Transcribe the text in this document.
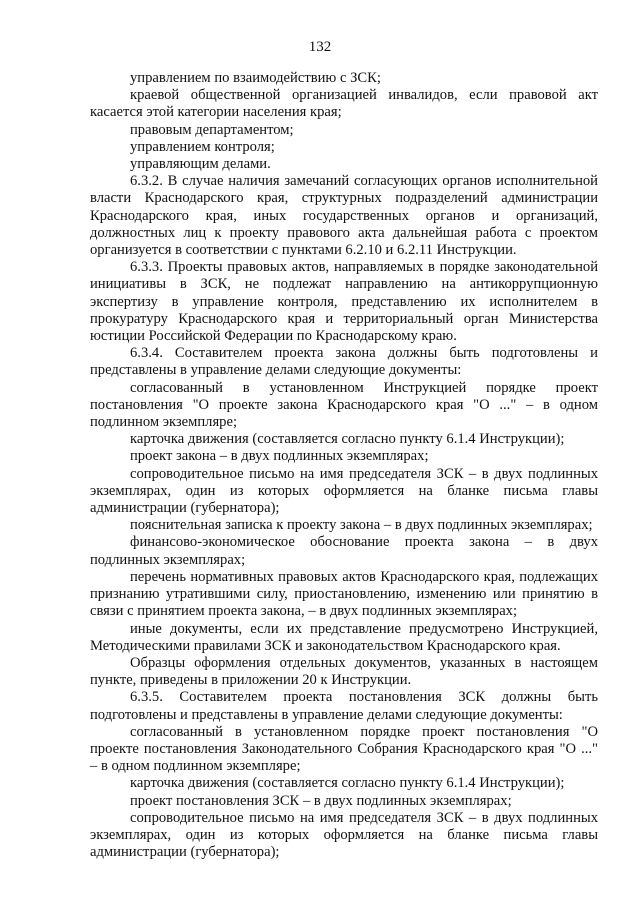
132

управлением по взаимодействию с ЗСК;

краевой общественной организацией инвалидов, если правовой акт касается этой категории населения края;

правовым департаментом;

управлением контроля;

управляющим делами.

6.3.2. В случае наличия замечаний согласующих органов исполнительной власти Краснодарского края, структурных подразделений администрации Краснодарского края, иных государственных органов и организаций, должностных лиц к проекту правового акта дальнейшая работа с проектом организуется в соответствии с пунктами 6.2.10 и 6.2.11 Инструкции.

6.3.3. Проекты правовых актов, направляемых в порядке законодательной инициативы в ЗСК, не подлежат направлению на антикоррупционную экспертизу в управление контроля, представлению их исполнителем в прокуратуру Краснодарского края и территориальный орган Министерства юстиции Российской Федерации по Краснодарскому краю.

6.3.4. Составителем проекта закона должны быть подготовлены и представлены в управление делами следующие документы:

согласованный в установленном Инструкцией порядке проект постановления "О проекте закона Краснодарского края "О ..." – в одном подлинном экземпляре;

карточка движения (составляется согласно пункту 6.1.4 Инструкции);

проект закона – в двух подлинных экземплярах;

сопроводительное письмо на имя председателя ЗСК – в двух подлинных экземплярах, один из которых оформляется на бланке письма главы администрации (губернатора);

пояснительная записка к проекту закона – в двух подлинных экземплярах;

финансово-экономическое обоснование проекта закона – в двух подлинных экземплярах;

перечень нормативных правовых актов Краснодарского края, подлежащих признанию утратившими силу, приостановлению, изменению или принятию в связи с принятием проекта закона, – в двух подлинных экземплярах;

иные документы, если их представление предусмотрено Инструкцией, Методическими правилами ЗСК и законодательством Краснодарского края.

Образцы оформления отдельных документов, указанных в настоящем пункте, приведены в приложении 20 к Инструкции.

6.3.5. Составителем проекта постановления ЗСК должны быть подготовлены и представлены в управление делами следующие документы:

согласованный в установленном порядке проект постановления "О проекте постановления Законодательного Собрания Краснодарского края "О ..." – в одном подлинном экземпляре;

карточка движения (составляется согласно пункту 6.1.4 Инструкции);

проект постановления ЗСК – в двух подлинных экземплярах;

сопроводительное письмо на имя председателя ЗСК – в двух подлинных экземплярах, один из которых оформляется на бланке письма главы администрации (губернатора);
